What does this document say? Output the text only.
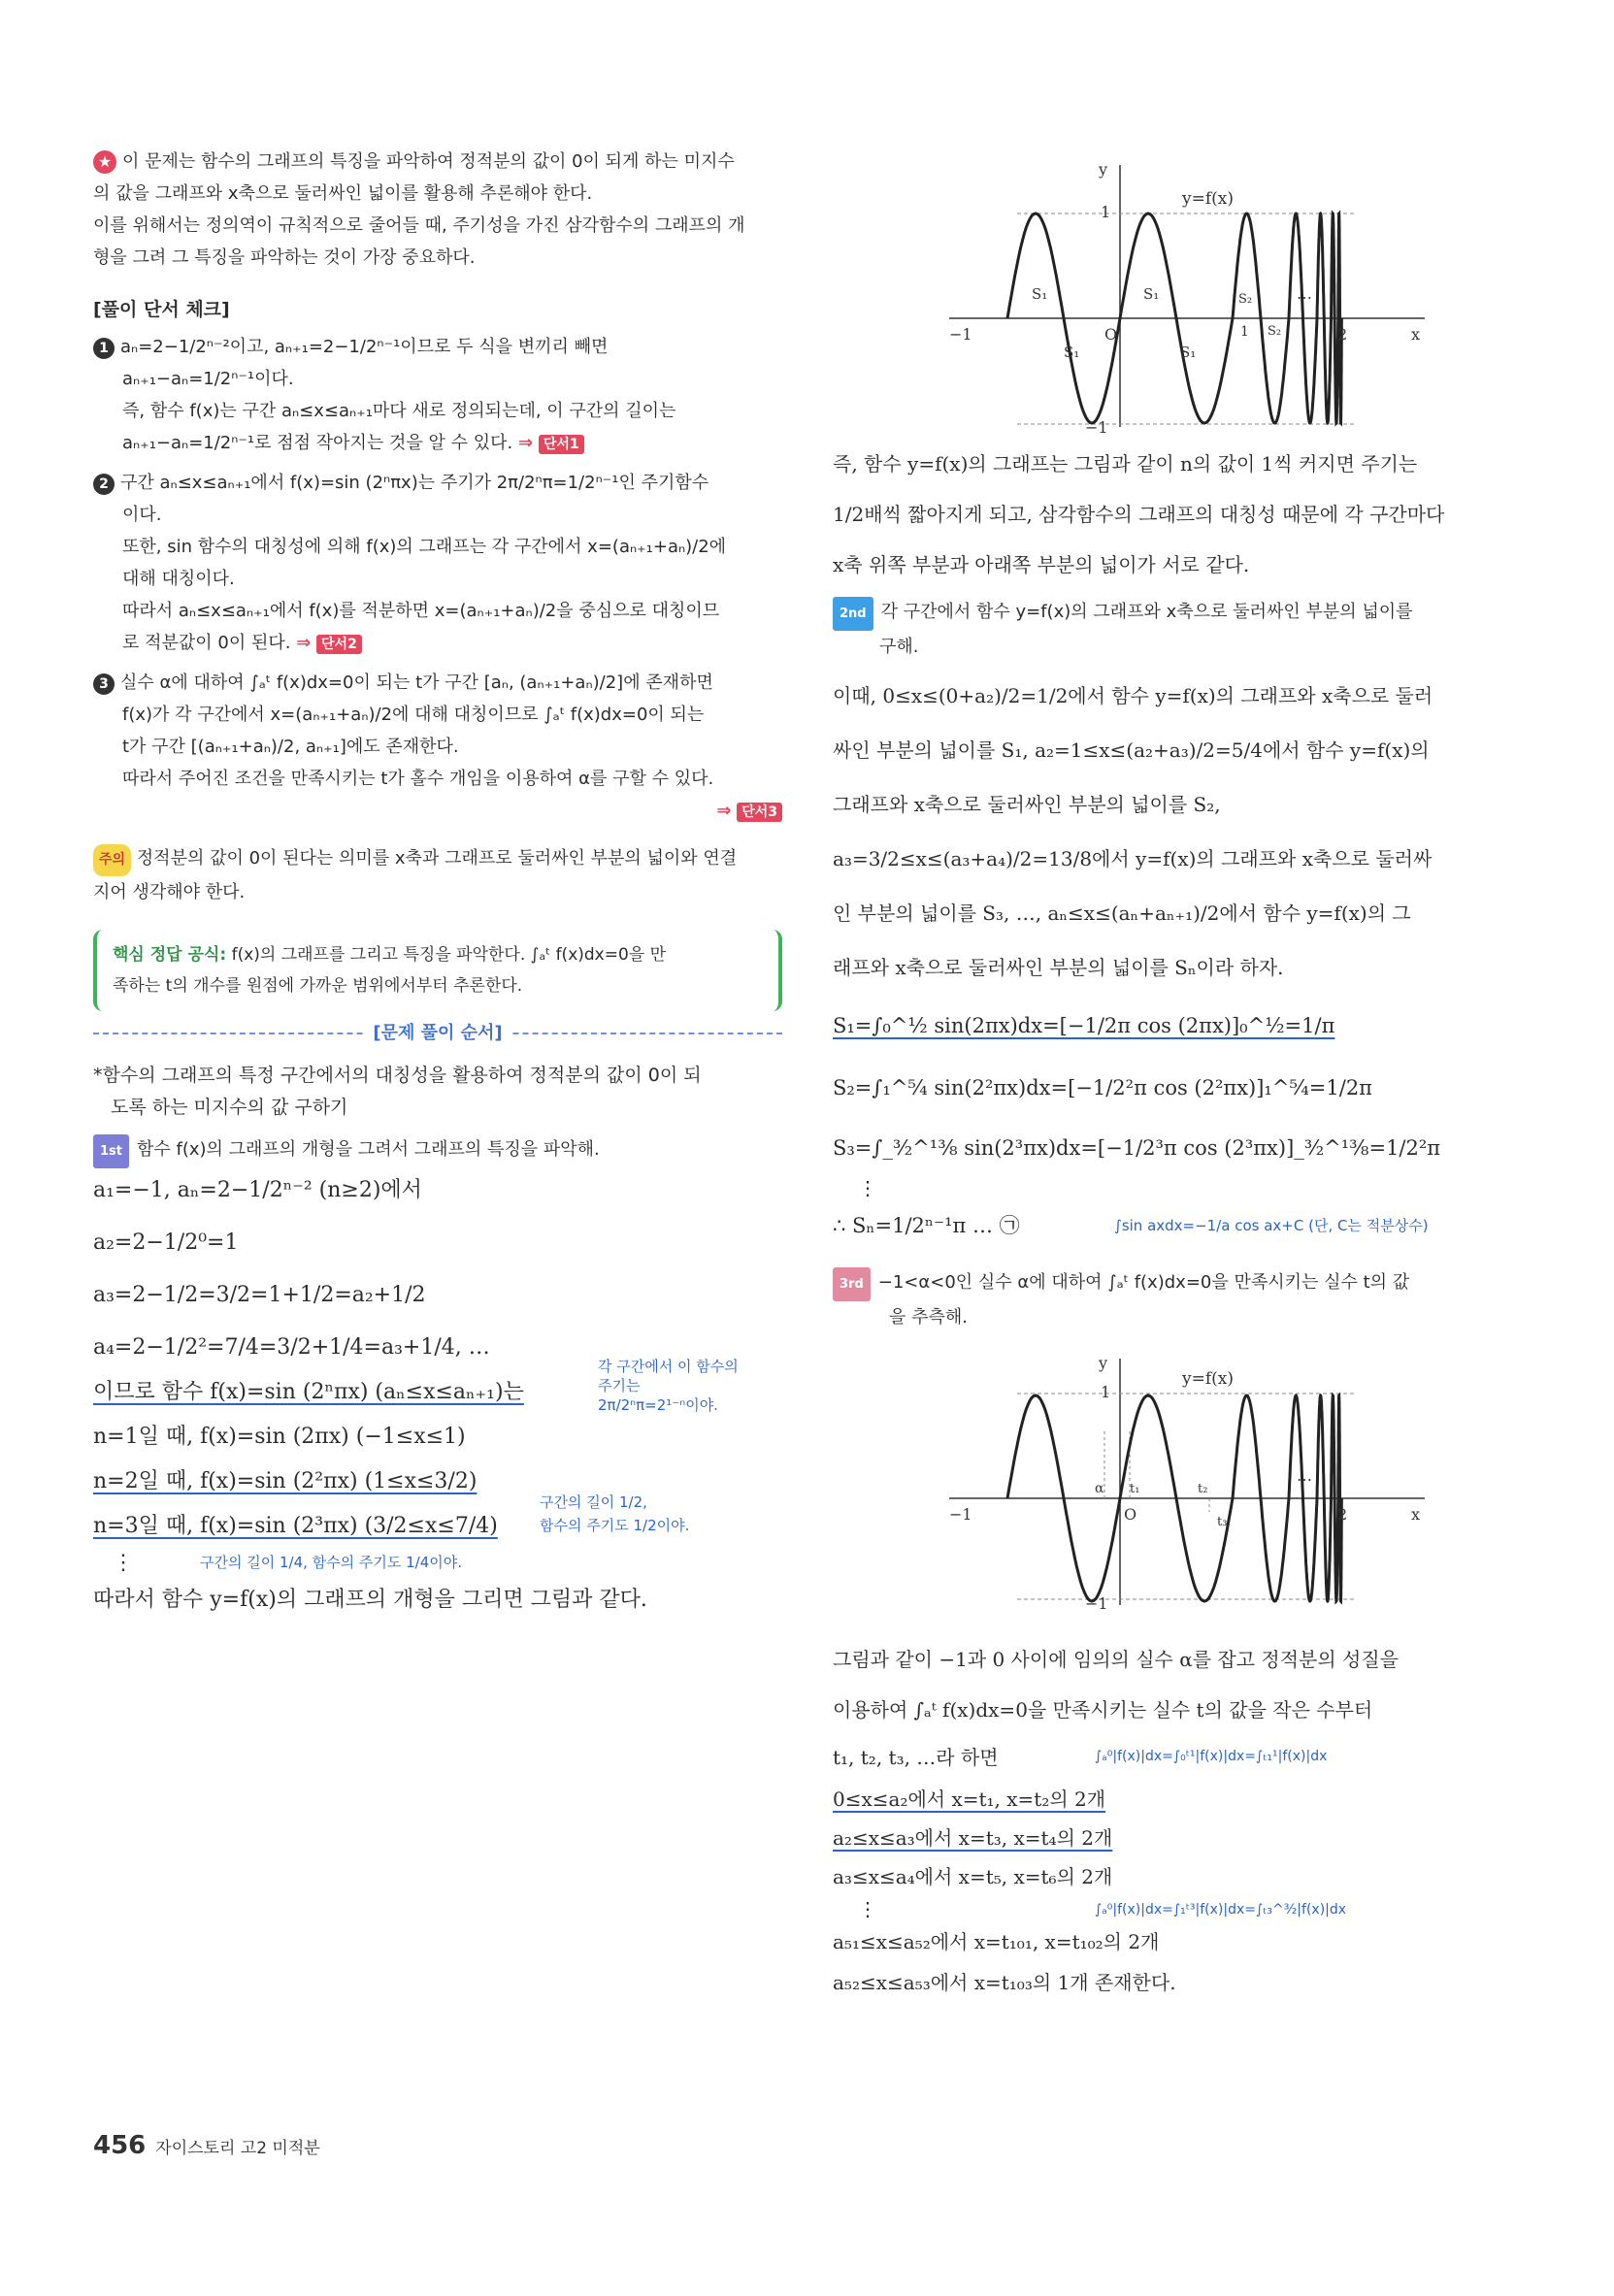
★ 이 문제는 함수의 그래프의 특징을 파악하여 정적분의 값이 0이 되게 하는 미지수

의 값을 그래프와 x축으로 둘러싸인 넓이를 활용해 추론해야 한다.

이를 위해서는 정의역이 규칙적으로 줄어들 때, 주기성을 가진 삼각함수의 그래프의 개

형을 그려 그 특징을 파악하는 것이 가장 중요하다.

[풀이 단서 체크]

1 aₙ=2−1/2ⁿ⁻²이고, aₙ₊₁=2−1/2ⁿ⁻¹이므로 두 식을 변끼리 빼면

aₙ₊₁−aₙ=1/2ⁿ⁻¹이다.

즉, 함수 f(x)는 구간 aₙ≤x≤aₙ₊₁마다 새로 정의되는데, 이 구간의 길이는

aₙ₊₁−aₙ=1/2ⁿ⁻¹로 점점 작아지는 것을 알 수 있다. ⇒ 단서1

2 구간 aₙ≤x≤aₙ₊₁에서 f(x)=sin (2ⁿπx)는 주기가 2π/2ⁿπ=1/2ⁿ⁻¹인 주기함수

이다.

또한, sin 함수의 대칭성에 의해 f(x)의 그래프는 각 구간에서 x=(aₙ₊₁+aₙ)/2에

대해 대칭이다.

따라서 aₙ≤x≤aₙ₊₁에서 f(x)를 적분하면 x=(aₙ₊₁+aₙ)/2을 중심으로 대칭이므

로 적분값이 0이 된다. ⇒ 단서2

3 실수 α에 대하여 ∫ₐᵗ f(x)dx=0이 되는 t가 구간 [aₙ, (aₙ₊₁+aₙ)/2]에 존재하면

f(x)가 각 구간에서 x=(aₙ₊₁+aₙ)/2에 대해 대칭이므로 ∫ₐᵗ f(x)dx=0이 되는

t가 구간 [(aₙ₊₁+aₙ)/2, aₙ₊₁]에도 존재한다.

따라서 주어진 조건을 만족시키는 t가 홀수 개임을 이용하여 α를 구할 수 있다.

⇒ 단서3

주의 정적분의 값이 0이 된다는 의미를 x축과 그래프로 둘러싸인 부분의 넓이와 연결

지어 생각해야 한다.

핵심 정답 공식: f(x)의 그래프를 그리고 특징을 파악한다. ∫ₐᵗ f(x)dx=0을 만
족하는 t의 개수를 원점에 가까운 범위에서부터 추론한다.
[문제 풀이 순서]

*함수의 그래프의 특정 구간에서의 대칭성을 활용하여 정적분의 값이 0이 되

도록 하는 미지수의 값 구하기

1st 함수 f(x)의 그래프의 개형을 그려서 그래프의 특징을 파악해.

a₁=−1, aₙ=2−1/2ⁿ⁻² (n≥2)에서

a₂=2−1/2⁰=1

a₃=2−1/2=3/2=1+1/2=a₂+1/2

a₄=2−1/2²=7/4=3/2+1/4=a₃+1/4, …

이므로 함수 f(x)=sin (2ⁿπx) (aₙ≤x≤aₙ₊₁)는

각 구간에서 이 함수의
주기는
2π/2ⁿπ=2¹⁻ⁿ이야.

n=1일 때, f(x)=sin (2πx) (−1≤x≤1)

n=2일 때, f(x)=sin (2²πx) (1≤x≤3/2)

구간의 길이 1/2,

n=3일 때, f(x)=sin (2³πx) (3/2≤x≤7/4)	함수의 주기도 1/2이야.
⋮	구간의 길이 1/4, 함수의 주기도 1/4이야.

따라서 함수 y=f(x)의 그래프의 개형을 그리면 그림과 같다.

y
1
−1
−1	O	2	x
…
S₁	S₁
S₁	S₁
S₂
S₂
1
y=f(x)

즉, 함수 y=f(x)의 그래프는 그림과 같이 n의 값이 1씩 커지면 주기는

1/2배씩 짧아지게 되고, 삼각함수의 그래프의 대칭성 때문에 각 구간마다

x축 위쪽 부분과 아래쪽 부분의 넓이가 서로 같다.

2nd 각 구간에서 함수 y=f(x)의 그래프와 x축으로 둘러싸인 부분의 넓이를

구해.

이때, 0≤x≤(0+a₂)/2=1/2에서 함수 y=f(x)의 그래프와 x축으로 둘러

싸인 부분의 넓이를 S₁, a₂=1≤x≤(a₂+a₃)/2=5/4에서 함수 y=f(x)의

그래프와 x축으로 둘러싸인 부분의 넓이를 S₂,

a₃=3/2≤x≤(a₃+a₄)/2=13/8에서 y=f(x)의 그래프와 x축으로 둘러싸

인 부분의 넓이를 S₃, …, aₙ≤x≤(aₙ+aₙ₊₁)/2에서 함수 y=f(x)의 그

래프와 x축으로 둘러싸인 부분의 넓이를 Sₙ이라 하자.

S₁=∫₀^½ sin(2πx)dx=[−1/2π cos (2πx)]₀^½=1/π

S₂=∫₁^⁵⁄₄ sin(2²πx)dx=[−1/2²π cos (2²πx)]₁^⁵⁄₄=1/2π

S₃=∫_³⁄₂^¹³⁄₈ sin(2³πx)dx=[−1/2³π cos (2³πx)]_³⁄₂^¹³⁄₈=1/2²π

⋮

∴ Sₙ=1/2ⁿ⁻¹π … ㉠	∫sin axdx=−1/a cos ax+C (단, C는 적분상수)

3rd −1<α<0인 실수 α에 대하여 ∫ₐᵗ f(x)dx=0을 만족시키는 실수 t의 값

을 추측해.

y
1
−1
−1	O
α t₁	t₂
t₃	2	x
…
y=f(x)

그림과 같이 −1과 0 사이에 임의의 실수 α를 잡고 정적분의 성질을

이용하여 ∫ₐᵗ f(x)dx=0을 만족시키는 실수 t의 값을 작은 수부터

t₁, t₂, t₃, …라 하면	∫ₐ⁰|f(x)|dx=∫₀ᵗ¹|f(x)|dx=∫ₜ₁¹|f(x)|dx

0≤x≤a₂에서 x=t₁, x=t₂의 2개

a₂≤x≤a₃에서 x=t₃, x=t₄의 2개

a₃≤x≤a₄에서 x=t₅, x=t₆의 2개

⋮	∫ₐ⁰|f(x)|dx=∫₁ᵗ³|f(x)|dx=∫ₜ₃^³⁄₂|f(x)|dx

a₅₁≤x≤a₅₂에서 x=t₁₀₁, x=t₁₀₂의 2개

a₅₂≤x≤a₅₃에서 x=t₁₀₃의 1개 존재한다.

456 자이스토리 고2 미적분
